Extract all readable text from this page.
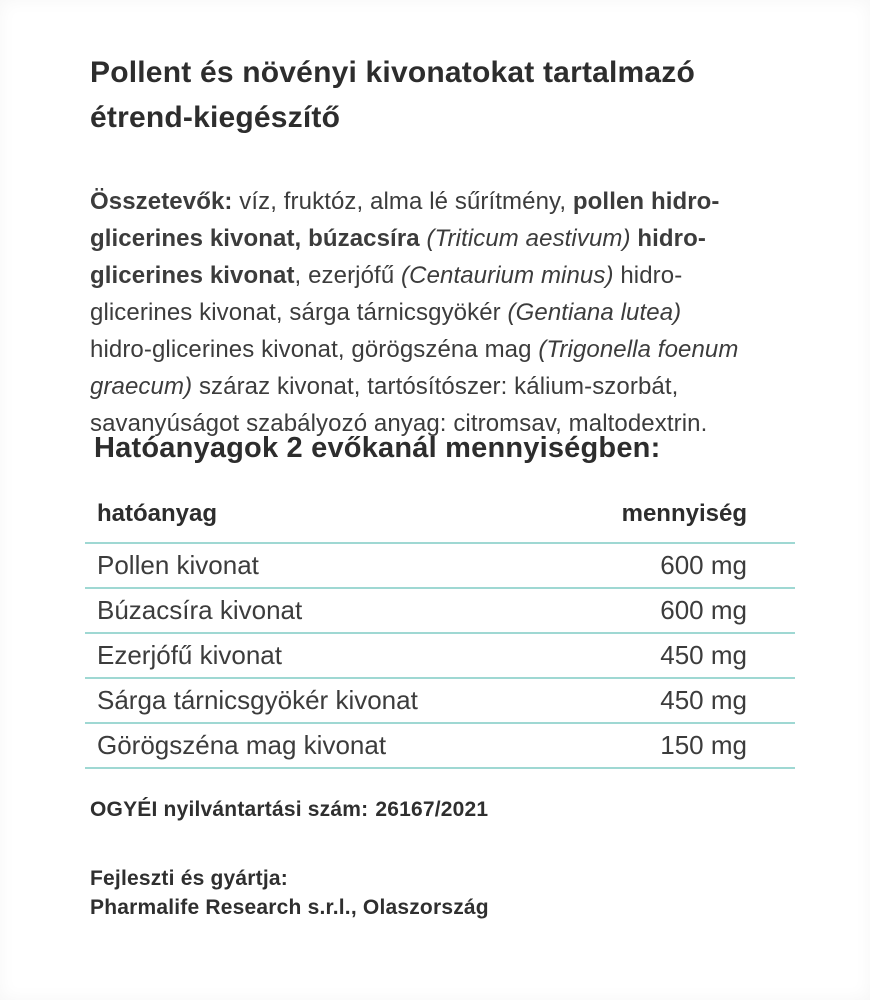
Pollent és növényi kivonatokat tartalmazó étrend-kiegészítő

Összetevők: víz, fruktóz, alma lé sűrítmény, pollen hidro-glicerines kivonat, búzacsíra (Triticum aestivum) hidro-glicerines kivonat, ezerjófű (Centaurium minus) hidro-glicerines kivonat, sárga tárnicsgyökér (Gentiana lutea) hidro-glicerines kivonat, görögszéna mag (Trigonella foenum graecum) száraz kivonat, tartósítószer: kálium-szorbát, savanyúságot szabályozó anyag: citromsav, maltodextrin.

Hatóanyagok 2 evőkanál mennyiségben:
hatóanyag	mennyiség
Pollen kivonat	600 mg
Búzacsíra kivonat	600 mg
Ezerjófű kivonat	450 mg
Sárga tárnicsgyökér kivonat	450 mg
Görögszéna mag kivonat	150 mg

OGYÉI nyilvántartási szám: 26167/2021

Fejleszti és gyártja:
Pharmalife Research s.r.l., Olaszország
